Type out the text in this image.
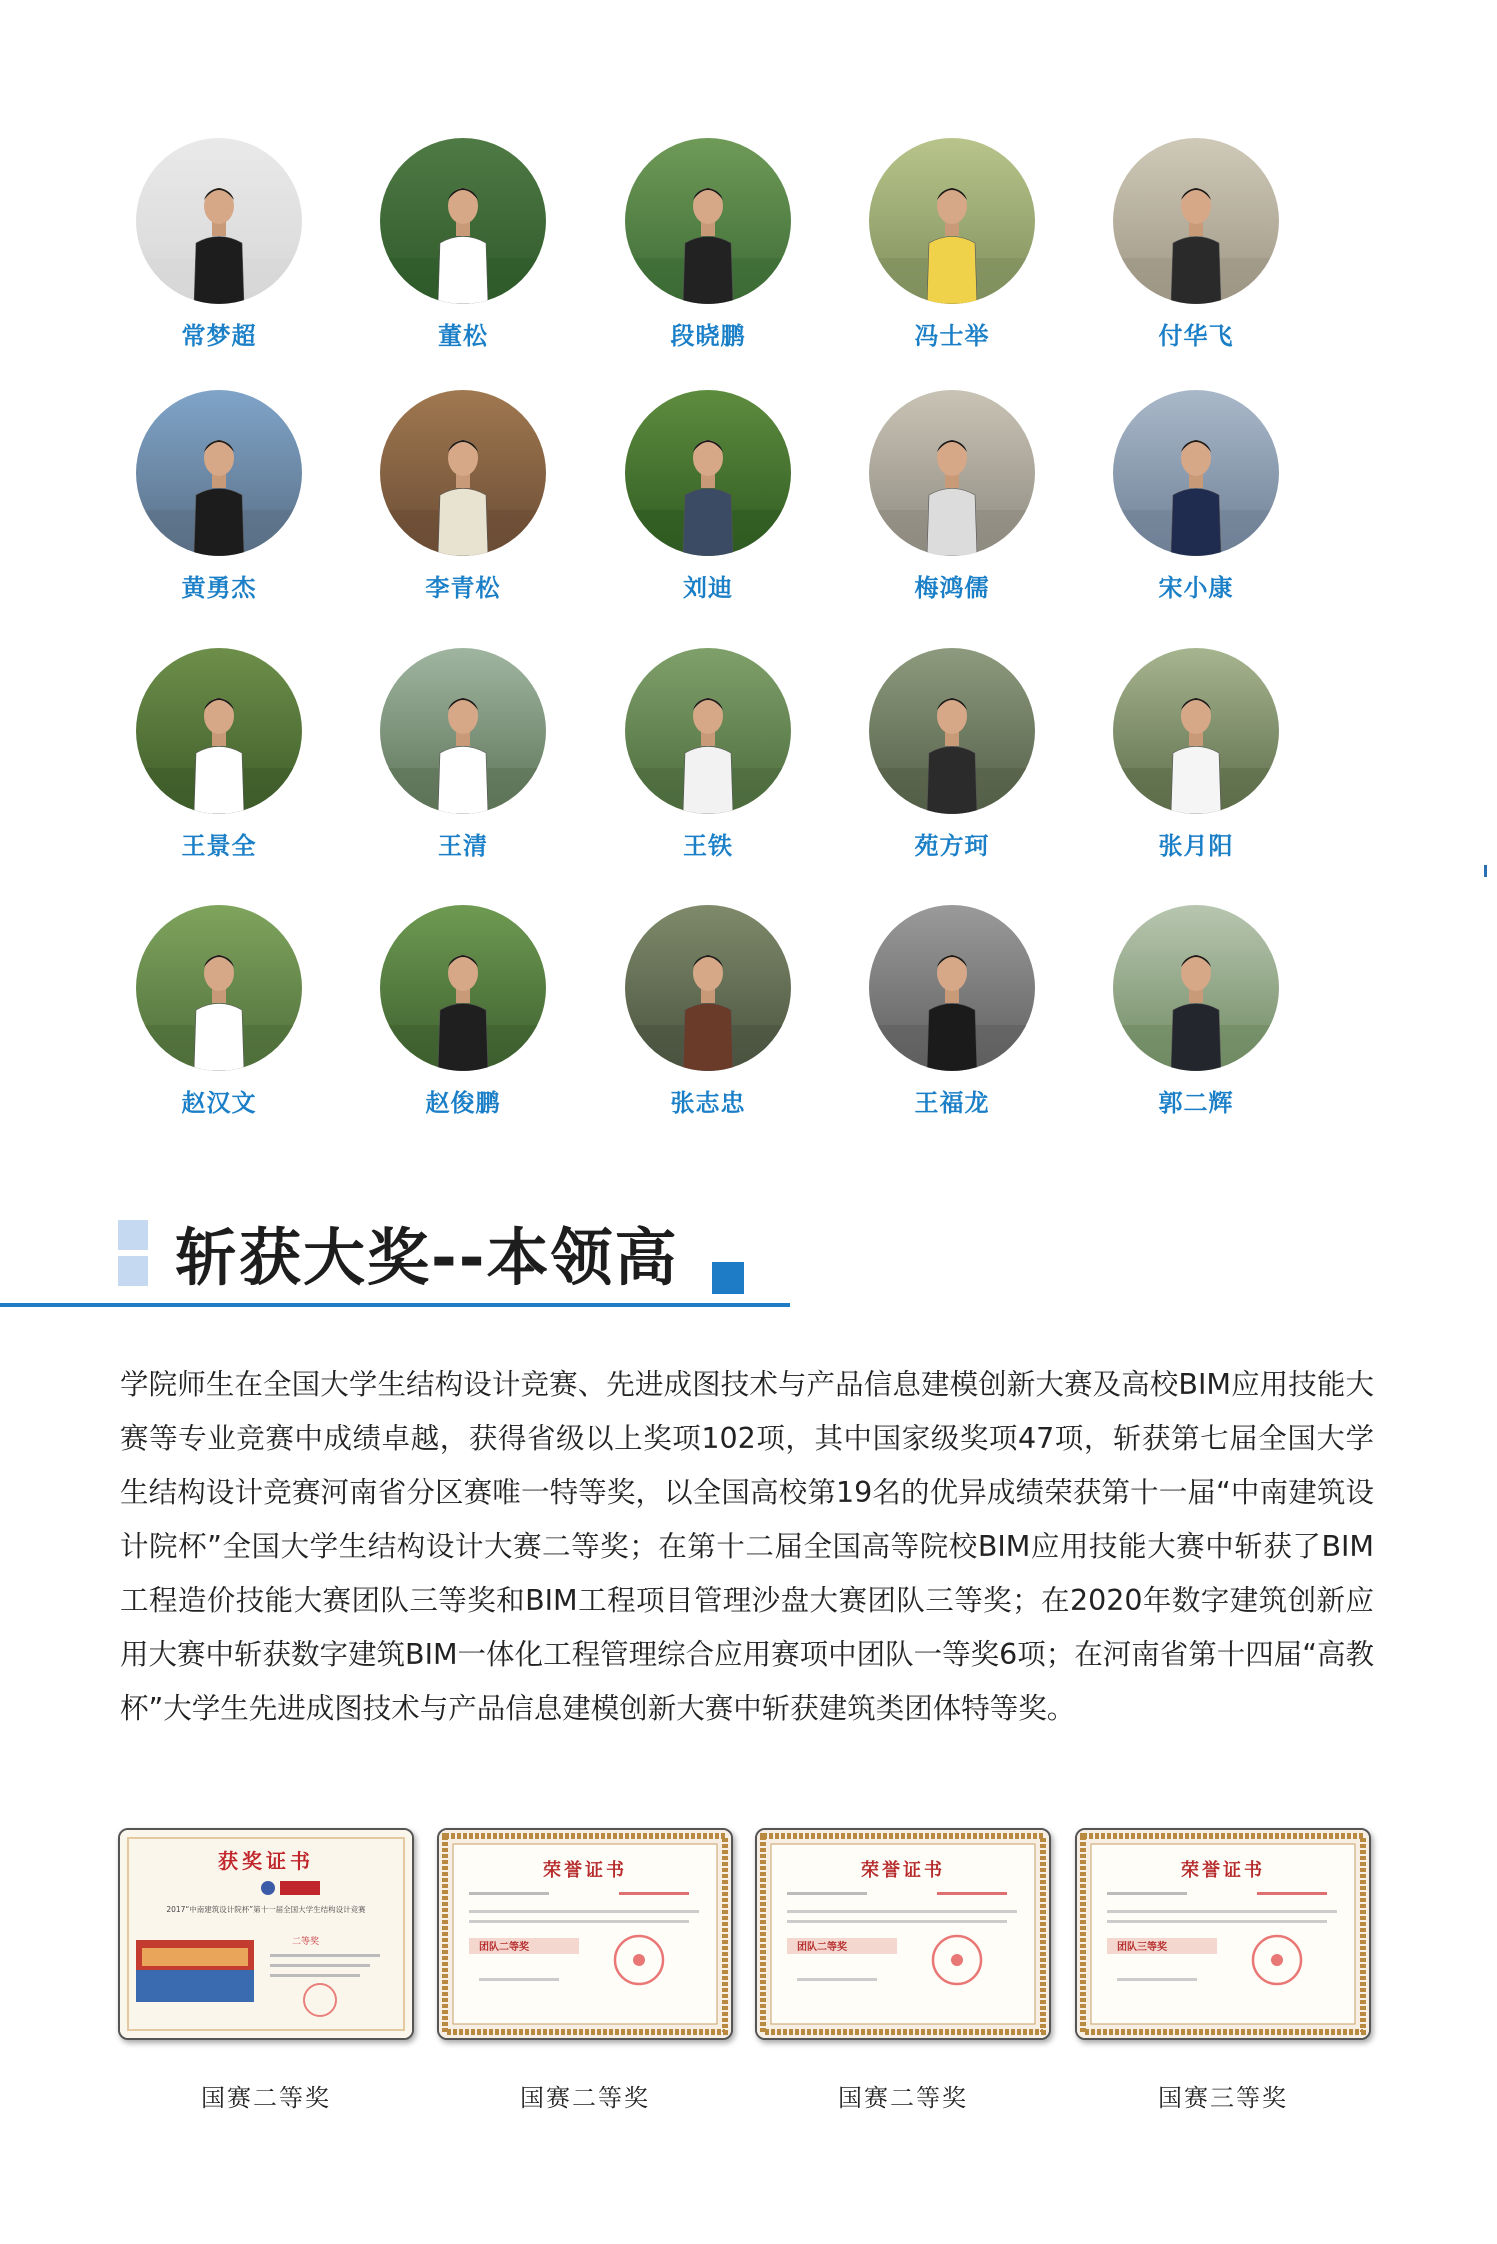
常梦超	董松	段晓鹏	冯士举	付华飞
黄勇杰	李青松	刘迪	梅鸿儒	宋小康
王景全	王清	王铁	苑方珂	张月阳
赵汉文	赵俊鹏	张志忠	王福龙	郭二辉
斩获大奖--本领高
学院师生在全国大学生结构设计竞赛、先进成图技术与产品信息建模创新大赛及高校BIM应用技能大赛等专业竞赛中成绩卓越，获得省级以上奖项102项，其中国家级奖项47项，斩获第七届全国大学生结构设计竞赛河南省分区赛唯一特等奖，以全国高校第19名的优异成绩荣获第十一届“中南建筑设计院杯”全国大学生结构设计大赛二等奖；在第十二届全国高等院校BIM应用技能大赛中斩获了BIM工程造价技能大赛团队三等奖和BIM工程项目管理沙盘大赛团队三等奖；在2020年数字建筑创新应用大赛中斩获数字建筑BIM一体化工程管理综合应用赛项中团队一等奖6项；在河南省第十四届“高教杯”大学生先进成图技术与产品信息建模创新大赛中斩获建筑类团体特等奖。
获奖证书
2017“中南建筑设计院杯”第十一届全国大学生结构设计竞赛
二等奖
国赛二等奖
荣誉证书
团队二等奖
国赛二等奖
荣誉证书
团队二等奖
国赛二等奖
荣誉证书
团队三等奖
国赛三等奖
